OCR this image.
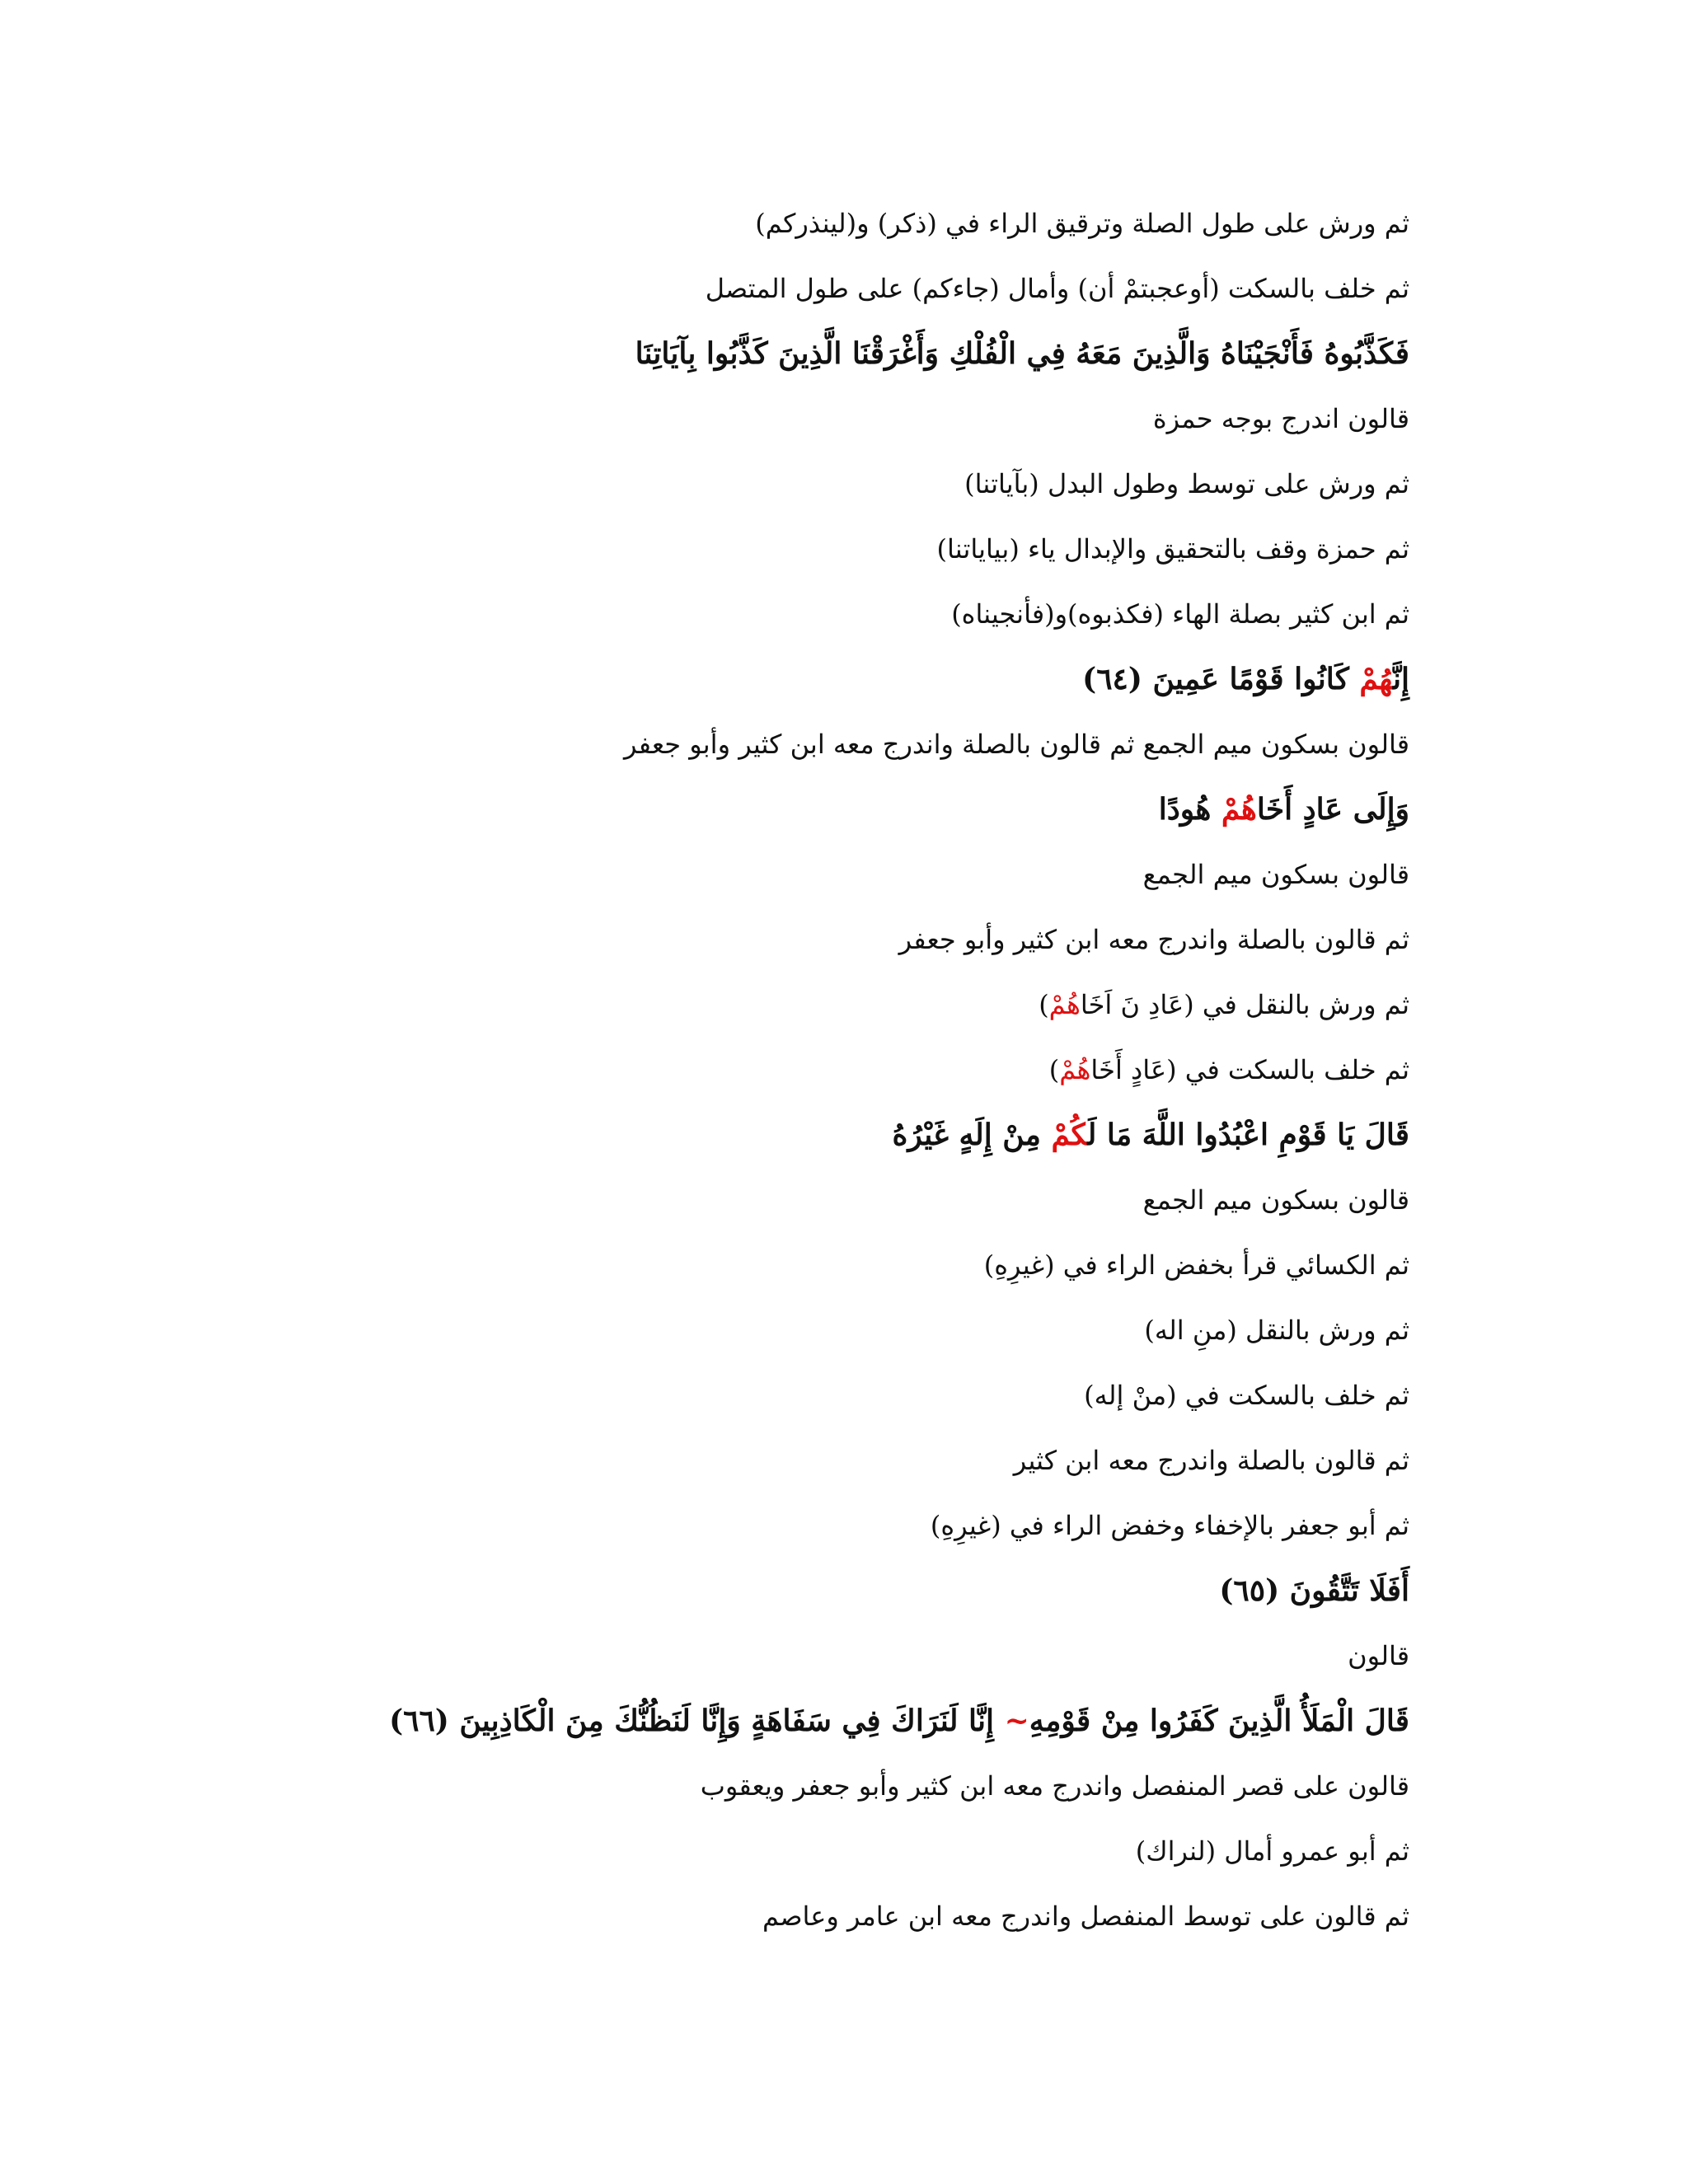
ثم ورش على طول الصلة وترقيق الراء في (ذكر) و(لينذركم)
ثم خلف بالسكت (أوعجبتمْ أن) وأمال (جاءكم) على طول المتصل
فَكَذَّبُوهُ فَأَنْجَيْنَاهُ وَالَّذِينَ مَعَهُ فِي الْفُلْكِ وَأَغْرَقْنَا الَّذِينَ كَذَّبُوا بِآيَاتِنَا
قالون اندرج بوجه حمزة
ثم ورش على توسط وطول البدل (بآياتنا)
ثم حمزة وقف بالتحقيق والإبدال ياء (بياياتنا)
ثم ابن كثير بصلة الهاء (فكذبوه)و(فأنجيناه)
إِنَّهُمْ كَانُوا قَوْمًا عَمِينَ (٦٤)
قالون بسكون ميم الجمع ثم قالون بالصلة واندرج معه ابن كثير وأبو جعفر
وَإِلَى عَادٍ أَخَاهُمْ هُودًا
قالون بسكون ميم الجمع
ثم قالون بالصلة واندرج معه ابن كثير وأبو جعفر
ثم ورش بالنقل في (عَادِ نَ اَخَاهُمْ)
ثم خلف بالسكت في (عَادٍ أَخَاهُمْ)
قَالَ يَا قَوْمِ اعْبُدُوا اللَّهَ مَا لَكُمْ مِنْ إِلَهٍ غَيْرُهُ
قالون بسكون ميم الجمع
ثم الكسائي قرأ بخفض الراء في (غيرِهِ)
ثم ورش بالنقل (منِ اله)
ثم خلف بالسكت في (منْ إله)
ثم قالون بالصلة واندرج معه ابن كثير
ثم أبو جعفر بالإخفاء وخفض الراء في (غيرِهِ)
أَفَلَا تَتَّقُونَ (٦٥)
قالون
قَالَ الْمَلَأُ الَّذِينَ كَفَرُوا مِنْ قَوْمِهِ~ إِنَّا لَنَرَاكَ فِي سَفَاهَةٍ وَإِنَّا لَنَظُنُّكَ مِنَ الْكَاذِبِينَ (٦٦)
قالون على قصر المنفصل واندرج معه ابن كثير وأبو جعفر ويعقوب
ثم أبو عمرو أمال (لنراك)
ثم قالون على توسط المنفصل واندرج معه ابن عامر وعاصم
